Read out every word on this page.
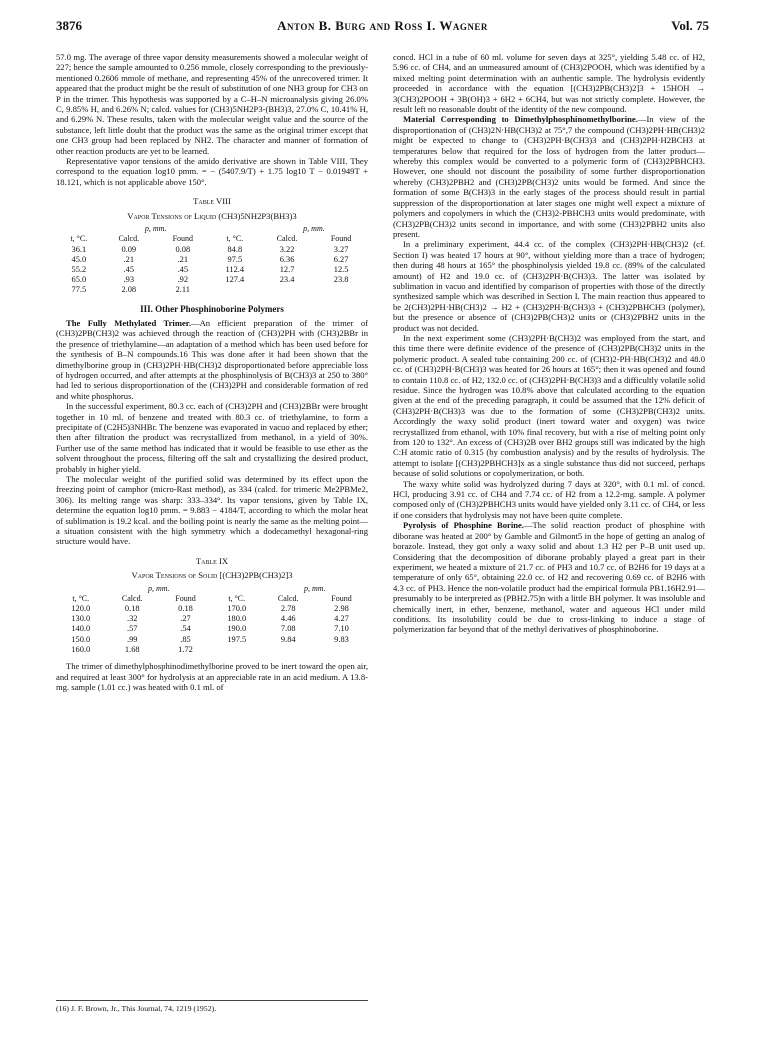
3876	Anton B. Burg and Ross I. Wagner	Vol. 75

57.0 mg. The average of three vapor density measurements showed a molecular weight of 227; hence the sample amounted to 0.256 mmole, closely corresponding to the previously-mentioned 0.2606 mmole of methane, and representing 45% of the unrecovered trimer. It appeared that the product might be the result of substitution of one NH3 group for CH3 on P in the trimer. This hypothesis was supported by a C–H–N microanalysis giving 26.0% C, 9.85% H, and 6.26% N; calcd. values for (CH3)5NH2P3-(BH3)3, 27.0% C, 10.41% H, and 6.29% N. These results, taken with the molecular weight value and the source of the substance, left little doubt that the product was the same as the original trimer except that one CH3 group had been replaced by NH2. The character and manner of formation of other reaction products are yet to be learned.

Representative vapor tensions of the amido derivative are shown in Table VIII. They correspond to the equation log10 pmm. = − (5407.9/T) + 1.75 log10 T − 0.01949T + 18.121, which is not applicable above 150°.

Table VIII
Vapor Tensions of Liquid (CH3)5NH2P3(BH3)3
	p, mm.			p, mm.	
t, °C.	Calcd.	Found	t, °C.	Calcd.	Found
36.1	0.09	0.08	84.8	3.22	3.27
45.0	.21	.21	97.5	6.36	6.27
55.2	.45	.45	112.4	12.7	12.5
65.0	.93	.92	127.4	23.4	23.8
77.5	2.08	2.11			
III. Other Phosphinoborine Polymers

The Fully Methylated Trimer.—An efficient preparation of the trimer of (CH3)2PB(CH3)2 was achieved through the reaction of (CH3)2PH with (CH3)2BBr in the presence of triethylamine—an adaptation of a method which has been used before for the synthesis of B–N compounds.16 This was done after it had been shown that the dimethylborine group in (CH3)2PH·HB(CH3)2 disproportionated before appreciable loss of hydrogen occurred, and after attempts at the phosphinolysis of B(CH3)3 at 250 to 380° had led to serious disproportionation of the (CH3)2PH and considerable formation of red and white phosphorus.

In the successful experiment, 80.3 cc. each of (CH3)2PH and (CH3)2BBr were brought together in 10 ml. of benzene and treated with 80.3 cc. of triethylamine, to form a precipitate of (C2H5)3NHBr. The benzene was evaporated in vacuo and replaced by ether; then after filtration the product was recrystallized from methanol, in a yield of 30%. Further use of the same method has indicated that it would be feasible to use ether as the solvent throughout the process, filtering off the salt and crystallizing the desired product, probably in higher yield.

The molecular weight of the purified solid was determined by its effect upon the freezing point of camphor (micro-Rast method), as 334 (calcd. for trimeric Me2PBMe2, 306). Its melting range was sharp: 333–334°. Its vapor tensions, given by Table IX, determine the equation log10 pmm. = 9.883 − 4184/T, according to which the molar heat of sublimation is 19.2 kcal. and the boiling point is nearly the same as the melting point—a situation consistent with the high symmetry which a dodecamethyl hexagonal-ring structure would have.

Table IX
Vapor Tensions of Solid [(CH3)2PB(CH3)2]3
	p, mm.			p, mm.	
t, °C.	Calcd.	Found	t, °C.	Calcd.	Found
120.0	0.18	0.18	170.0	2.78	2.98
130.0	.32	.27	180.0	4.46	4.27
140.0	.57	.54	190.0	7.08	7.10
150.0	.99	.85	197.5	9.84	9.83
160.0	1.68	1.72			

The trimer of dimethylphosphinodimethylborine proved to be inert toward the open air, and required at least 300° for hydrolysis at an appreciable rate in an acid medium. A 13.8-mg. sample (1.01 cc.) was heated with 0.1 ml. of

(16) J. F. Brown, Jr., This Journal, 74, 1219 (1952).

concd. HCl in a tube of 60 ml. volume for seven days at 325°, yielding 5.48 cc. of H2, 5.96 cc. of CH4, and an unmeasured amount of (CH3)2POOH, which was identified by a mixed melting point determination with an authentic sample. The hydrolysis evidently proceeded in accordance with the equation [(CH3)2PB(CH3)2]3 + 15HOH → 3(CH3)2POOH + 3B(OH)3 + 6H2 + 6CH4, but was not strictly complete. However, the result left no reasonable doubt of the identity of the new compound.

Material Corresponding to Dimethylphosphinomethylborine.—In view of the disproportionation of (CH3)2N·HB(CH3)2 at 75°,7 the compound (CH3)2PH·HB(CH3)2 might be expected to change to (CH3)2PH·B(CH3)3 and (CH3)2PH·H2BCH3 at temperatures below that required for the loss of hydrogen from the latter product—whereby this complex would be converted to a polymeric form of (CH3)2PBHCH3. However, one should not discount the possibility of some further disproportionation whereby (CH3)2PBH2 and (CH3)2PB(CH3)2 units would be formed. And since the formation of some B(CH3)3 in the early stages of the process should result in partial suppression of the disproportionation at later stages one might well expect a mixture of polymers and copolymers in which the (CH3)2-PBHCH3 units would predominate, with (CH3)2PB(CH3)2 units second in importance, and with some (CH3)2PBH2 units also present.

In a preliminary experiment, 44.4 cc. of the complex (CH3)2PH·HB(CH3)2 (cf. Section I) was heated 17 hours at 90°, without yielding more than a trace of hydrogen; then during 48 hours at 165° the phosphinolysis yielded 19.8 cc. (89% of the calculated amount) of H2 and 19.0 cc. of (CH3)2PH·B(CH3)3. The latter was isolated by sublimation in vacuo and identified by comparison of properties with those of the directly synthesized sample which was described in Section I. The main reaction thus appeared to be 2(CH3)2PH·HB(CH3)2 → H2 + (CH3)2PH·B(CH3)3 + (CH3)2PBHCH3 (polymer), but the presence or absence of (CH3)2PB(CH3)2 units or (CH3)2PBH2 units in the product was not decided.

In the next experiment some (CH3)2PH·B(CH3)2 was employed from the start, and this time there were definite evidence of the presence of (CH3)2PB(CH3)2 units in the polymeric product. A sealed tube containing 200 cc. of (CH3)2-PH·HB(CH3)2 and 48.0 cc. of (CH3)2PH·B(CH3)3 was heated for 26 hours at 165°; then it was opened and found to contain 110.8 cc. of H2, 132.0 cc. of (CH3)2PH·B(CH3)3 and a difficultly volatile solid residue. Since the hydrogen was 10.8% above that calculated according to the equation given at the end of the preceding paragraph, it could be assumed that the 12% deficit of (CH3)2PH·B(CH3)3 was due to the formation of some (CH3)2PB(CH3)2 units. Accordingly the waxy solid product (inert toward water and oxygen) was twice recrystallized from ethanol, with 10% final recovery, but with a rise of melting point only from 120 to 132°. An excess of (CH3)2B over BH2 groups still was indicated by the high C:H atomic ratio of 0.315 (by combustion analysis) and by the results of hydrolysis. The attempt to isolate [(CH3)2PBHCH3]x as a single substance thus did not succeed, perhaps because of solid solutions or copolymerization, or both.

The waxy white solid was hydrolyzed during 7 days at 320°, with 0.1 ml. of concd. HCl, producing 3.91 cc. of CH4 and 7.74 cc. of H2 from a 12.2-mg. sample. A polymer composed only of (CH3)2PBHCH3 units would have yielded only 3.11 cc. of CH4, or less if one considers that hydrolysis may not have been quite complete.

Pyrolysis of Phosphine Borine.—The solid reaction product of phosphine with diborane was heated at 200° by Gamble and Gilmont5 in the hope of getting an analog of borazole. Instead, they got only a waxy solid and about 1.3 H2 per P–B unit used up. Considering that the decomposition of diborane probably played a great part in their experiment, we heated a mixture of 21.7 cc. of PH3 and 10.7 cc. of B2H6 for 19 days at a temperature of only 65°, obtaining 22.0 cc. of H2 and recovering 0.69 cc. of B2H6 with 4.3 cc. of PH3. Hence the non-volatile product had the empirical formula PB1.16H2.91—presumably to be interpreted as (PBH2.75)n with a little BH polymer. It was insoluble and chemically inert, in ether, benzene, methanol, water and aqueous HCl under mild conditions. Its insolubility could be due to cross-linking to induce a stage of polymerization far beyond that of the methyl derivatives of phosphinoborine.
